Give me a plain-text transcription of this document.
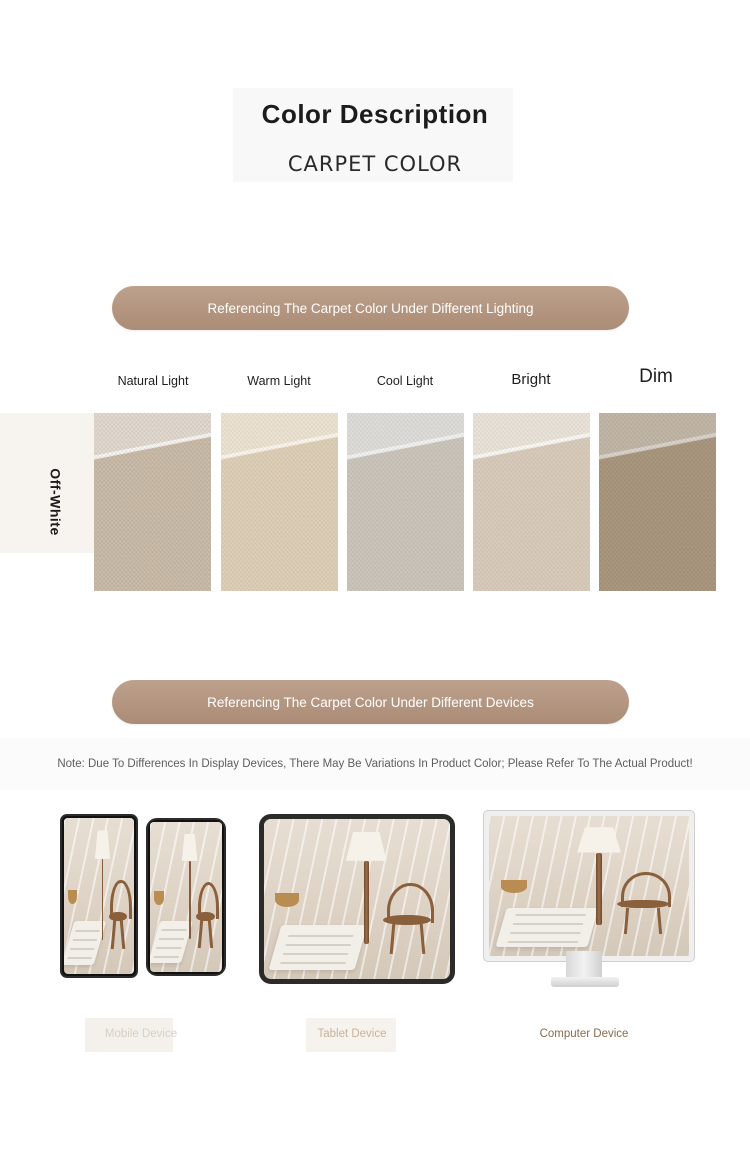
Color Description
CARPET COLOR
Referencing The Carpet Color Under Different Lighting
Natural Light	Warm Light	Cool Light	Bright	Dim
Off-White
Referencing The Carpet Color Under Different Devices
Note: Due To Differences In Display Devices, There May Be Variations In Product Color; Please Refer To The Actual Product!
Mobile Device	Tablet Device	Computer Device
